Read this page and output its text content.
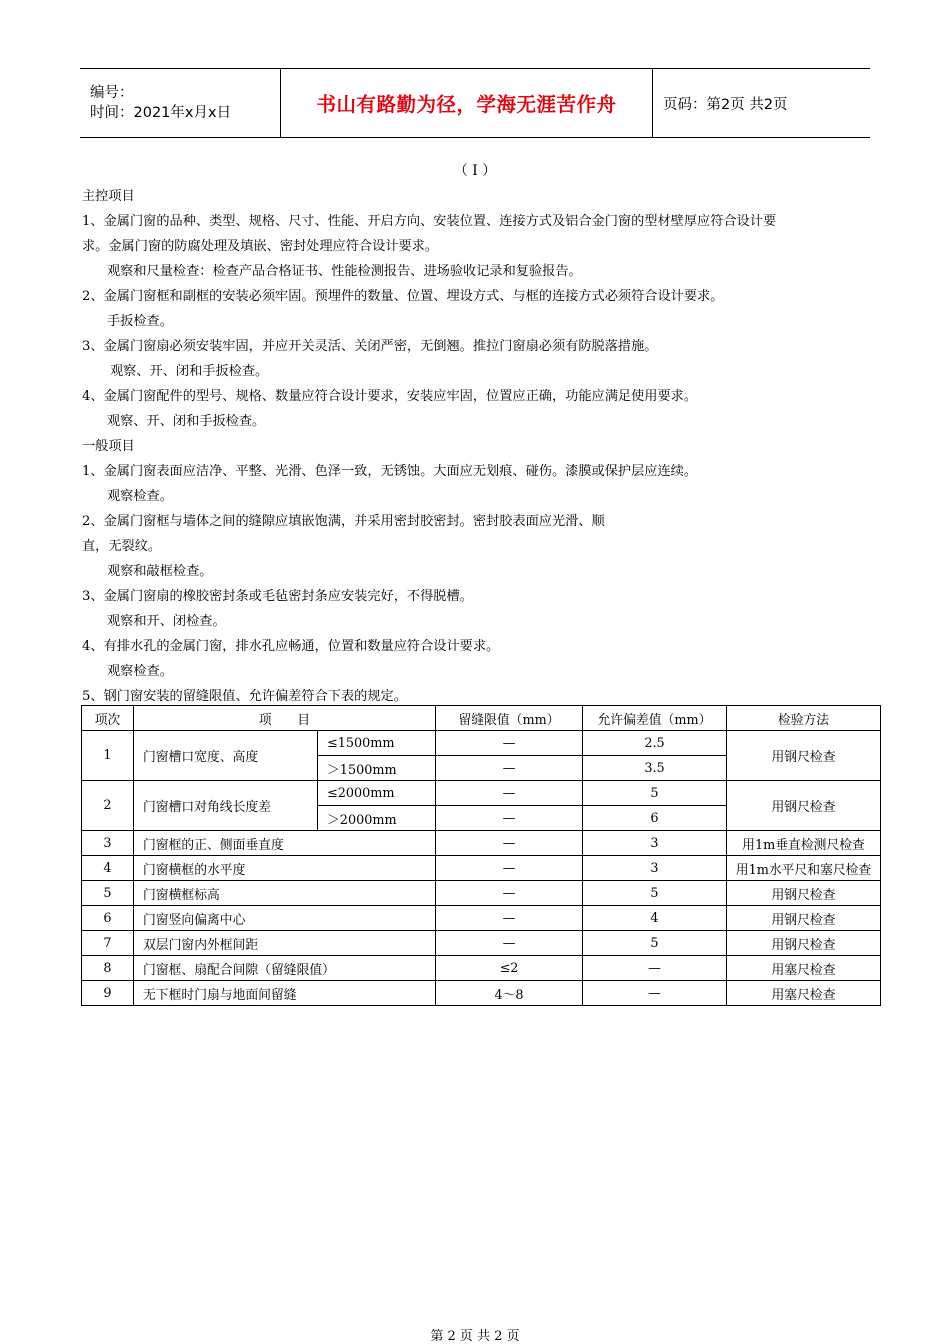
编号：
时间：2021年x月x日	书山有路勤为径，学海无涯苦作舟	页码：第2页 共2页
（ Ⅰ ）
主控项目
1、金属门窗的品种、类型、规格、尺寸、性能、开启方向、安装位置、连接方式及铝合金门窗的型材壁厚应符合设计要
求。金属门窗的防腐处理及填嵌、密封处理应符合设计要求。
观察和尺量检查：检查产品合格证书、性能检测报告、进场验收记录和复验报告。
2、金属门窗框和副框的安装必须牢固。预埋件的数量、位置、埋设方式、与框的连接方式必须符合设计要求。
手扳检查。
3、金属门窗扇必须安装牢固，并应开关灵活、关闭严密，无倒翘。推拉门窗扇必须有防脱落措施。
观察、开、闭和手扳检查。
4、金属门窗配件的型号、规格、数量应符合设计要求，安装应牢固，位置应正确，功能应满足使用要求。
观察、开、闭和手扳检查。
一般项目
1、金属门窗表面应洁净、平整、光滑、色泽一致，无锈蚀。大面应无划痕、碰伤。漆膜或保护层应连续。
观察检查。
2、金属门窗框与墙体之间的缝隙应填嵌饱满，并采用密封胶密封。密封胶表面应光滑、顺
直，无裂纹。
观察和敲框检查。
3、金属门窗扇的橡胶密封条或毛毡密封条应安装完好，不得脱槽。
观察和开、闭检查。
4、有排水孔的金属门窗，排水孔应畅通，位置和数量应符合设计要求。
观察检查。
5、钢门窗安装的留缝限值、允许偏差符合下表的规定。
项次	项　　目		留缝限值（mm）	允许偏差值（mm）	检验方法
1	门窗槽口宽度、高度	≤1500mm	—	2.5	用钢尺检查
		＞1500mm	—	3.5	
2	门窗槽口对角线长度差	≤2000mm	—	5	用钢尺检查
		＞2000mm	—	6	
3	门窗框的正、侧面垂直度		—	3	用1m垂直检测尺检查
4	门窗横框的水平度		—	3	用1m水平尺和塞尺检查
5	门窗横框标高		—	5	用钢尺检查
6	门窗竖向偏离中心		—	4	用钢尺检查
7	双层门窗内外框间距		—	5	用钢尺检查
8	门窗框、扇配合间隙（留缝限值）		≤2	—	用塞尺检查
9	无下框时门扇与地面间留缝		4～8	—	用塞尺检查
第 2 页 共 2 页
